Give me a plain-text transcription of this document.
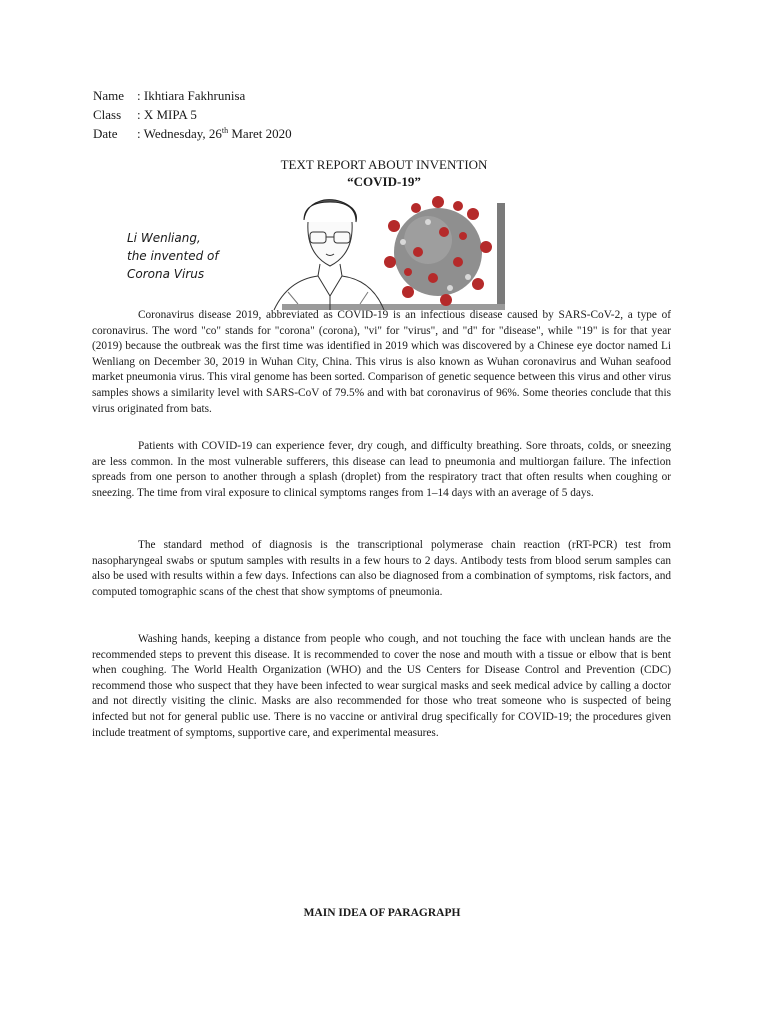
Name : Ikhtiara Fakhrunisa
Class	: X MIPA 5
Date	: Wednesday, 26th Maret 2020
TEXT REPORT ABOUT INVENTION
“COVID-19”
Li Wenliang,
the invented of
Corona Virus

Coronavirus disease 2019, abbreviated as COVID-19 is an infectious disease caused by SARS-CoV-2, a type of coronavirus. The word "co" stands for "corona" (corona), "vi" for "virus", and "d" for "disease", while "19" is for that year (2019) because the outbreak was the first time was identified in 2019 which was discovered by a Chinese eye doctor named Li Wenliang on December 30, 2019 in Wuhan City, China. This virus is also known as Wuhan coronavirus and Wuhan seafood market pneumonia virus. This viral genome has been sorted. Comparison of genetic sequence between this virus and other virus samples shows a similarity level with SARS-CoV of 79.5% and with bat coronavirus of 96%. Some theories conclude that this virus originated from bats.

Patients with COVID-19 can experience fever, dry cough, and difficulty breathing. Sore throats, colds, or sneezing are less common. In the most vulnerable sufferers, this disease can lead to pneumonia and multiorgan failure. The infection spreads from one person to another through a splash (droplet) from the respiratory tract that often results when coughing or sneezing. The time from viral exposure to clinical symptoms ranges from 1–14 days with an average of 5 days.

The standard method of diagnosis is the transcriptional polymerase chain reaction (rRT-PCR) test from nasopharyngeal swabs or sputum samples with results in a few hours to 2 days. Antibody tests from blood serum samples can also be used with results within a few days. Infections can also be diagnosed from a combination of symptoms, risk factors, and computed tomographic scans of the chest that show symptoms of pneumonia.

Washing hands, keeping a distance from people who cough, and not touching the face with unclean hands are the recommended steps to prevent this disease. It is recommended to cover the nose and mouth with a tissue or elbow that is bent when coughing. The World Health Organization (WHO) and the US Centers for Disease Control and Prevention (CDC) recommend those who suspect that they have been infected to wear surgical masks and seek medical advice by calling a doctor and not directly visiting the clinic. Masks are also recommended for those who treat someone who is suspected of being infected but not for general public use. There is no vaccine or antiviral drug specifically for COVID-19; the procedures given include treatment of symptoms, supportive care, and experimental measures.

MAIN IDEA OF PARAGRAPH
